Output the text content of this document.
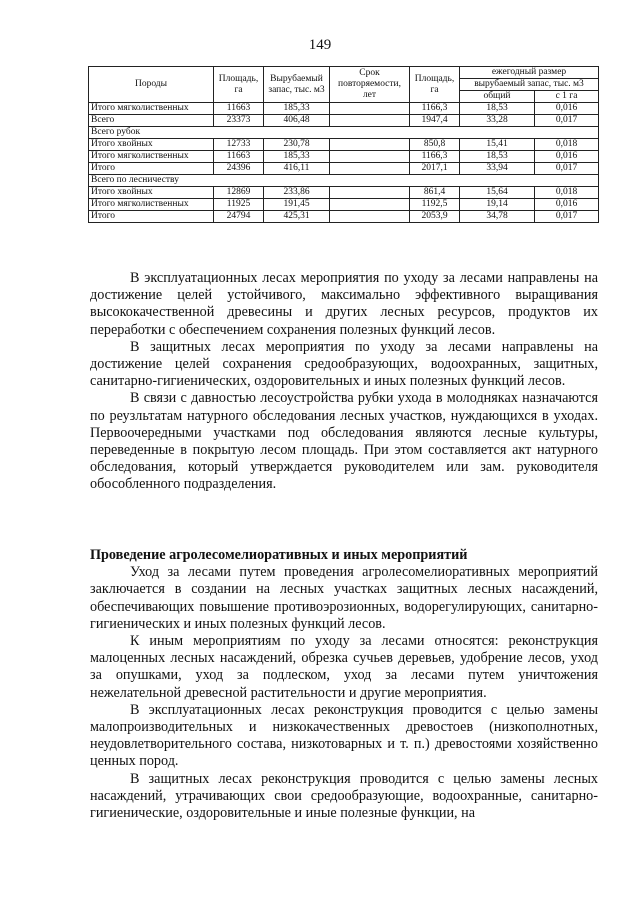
149
Породы	Площадь, га	Вырубаемый запас, тыс. м3	Срок повторяемости, лет	Площадь, га	ежегодный размер	
					вырубаемый запас, тыс. м3	
					общий	с 1 га
Итого мягколиственных	11663	185,33		1166,3	18,53	0,016
Всего	23373	406,48		1947,4	33,28	0,017
Всего рубок						
Итого хвойных	12733	230,78		850,8	15,41	0,018
Итого мягколиственных	11663	185,33		1166,3	18,53	0,016
Итого	24396	416,11		2017,1	33,94	0,017
Всего по лесничеству						
Итого хвойных	12869	233,86		861,4	15,64	0,018
Итого мягколиственных	11925	191,45		1192,5	19,14	0,016
Итого	24794	425,31		2053,9	34,78	0,017

В эксплуатационных лесах мероприятия по уходу за лесами направлены на достижение целей устойчивого, максимально эффективного выращивания высококачественной древесины и других лесных ресурсов, продуктов их переработки с обеспечением сохранения полезных функций лесов.

В защитных лесах мероприятия по уходу за лесами направлены на достижение целей сохранения средообразующих, водоохранных, защитных, санитарно-гигиенических, оздоровительных и иных полезных функций лесов.

В связи с давностью лесоустройства рубки ухода в молодняках назначаются по реузльтатам натурного обследования лесных участков, нуждающихся в уходах. Первоочередными участками под обследования являются лесные культуры, переведенные в покрытую лесом площадь. При этом составляется акт натурного обследования, который утверждается руководителем или зам. руководителя обособленного подразделения.

Проведение агролесомелиоративных и иных мероприятий

Уход за лесами путем проведения агролесомелиоративных мероприятий заключается в создании на лесных участках защитных лесных насаждений, обеспечивающих повышение противоэрозионных, водорегулирующих, санитарно-гигиенических и иных полезных функций лесов.

К иным мероприятиям по уходу за лесами относятся: реконструкция малоценных лесных насаждений, обрезка сучьев деревьев, удобрение лесов, уход за опушками, уход за подлеском, уход за лесами путем уничтожения нежелательной древесной растительности и другие мероприятия.

В эксплуатационных лесах реконструкция проводится с целью замены малопроизводительных и низкокачественных древостоев (низкополнотных, неудовлетворительного состава, низкотоварных и т. п.) древостоями хозяйственно ценных пород.

В защитных лесах реконструкция проводится с целью замены лесных насаждений, утрачивающих свои средообразующие, водоохранные, санитарно-гигиенические, оздоровительные и иные полезные функции, на
